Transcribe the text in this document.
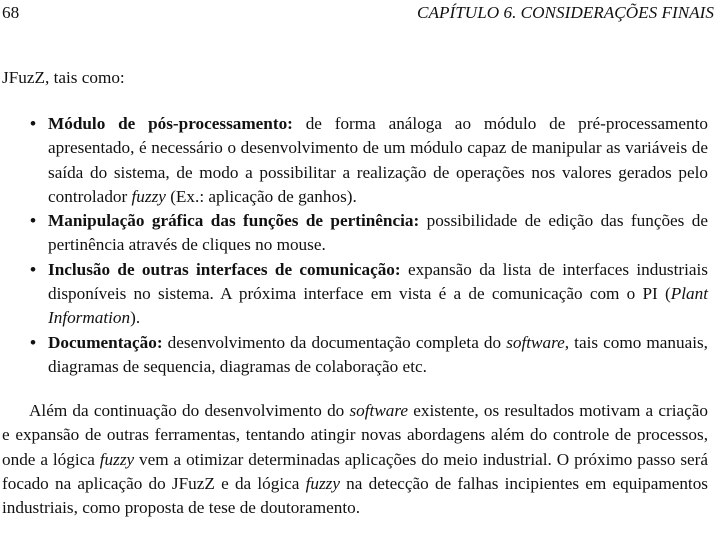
68	CAPÍTULO 6. CONSIDERAÇÕES FINAIS

JFuzZ, tais como:

• Módulo de pós-processamento: de forma análoga ao módulo de pré-processamento apresentado, é necessário o desenvolvimento de um módulo capaz de manipular as variáveis de saída do sistema, de modo a possibilitar a realização de operações nos valores gerados pelo controlador fuzzy (Ex.: aplicação de ganhos).
• Manipulação gráfica das funções de pertinência: possibilidade de edição das funções de pertinência através de cliques no mouse.
• Inclusão de outras interfaces de comunicação: expansão da lista de interfaces industriais disponíveis no sistema. A próxima interface em vista é a de comunicação com o PI (Plant Information).
• Documentação: desenvolvimento da documentação completa do software, tais como manuais, diagramas de sequencia, diagramas de colaboração etc.

Além da continuação do desenvolvimento do software existente, os resultados motivam a criação e expansão de outras ferramentas, tentando atingir novas abordagens além do controle de processos, onde a lógica fuzzy vem a otimizar determinadas aplicações do meio industrial. O próximo passo será focado na aplicação do JFuzZ e da lógica fuzzy na detecção de falhas incipientes em equipamentos industriais, como proposta de tese de doutoramento.
